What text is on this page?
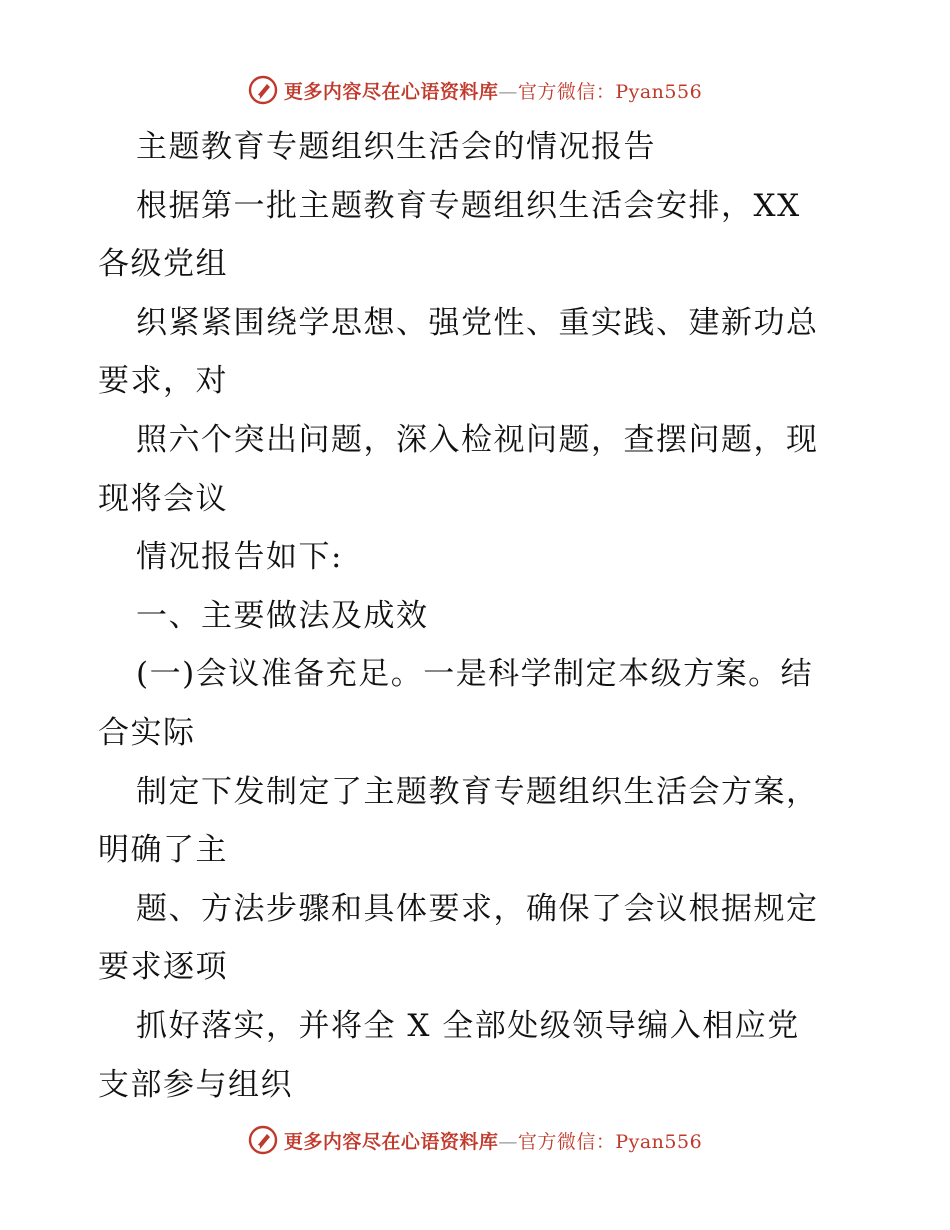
更多内容尽在心语资料库—官方微信：Pyan556
主题教育专题组织生活会的情况报告
根据第一批主题教育专题组织生活会安排，XX
各级党组
织紧紧围绕学思想、强党性、重实践、建新功总
要求，对
照六个突出问题，深入检视问题，查摆问题，现
现将会议
情况报告如下:
一、主要做法及成效
(一)会议准备充足。一是科学制定本级方案。结
合实际
制定下发制定了主题教育专题组织生活会方案，
明确了主
题、方法步骤和具体要求，确保了会议根据规定
要求逐项
抓好落实，并将全 X 全部处级领导编入相应党
支部参与组织
更多内容尽在心语资料库—官方微信：Pyan556
